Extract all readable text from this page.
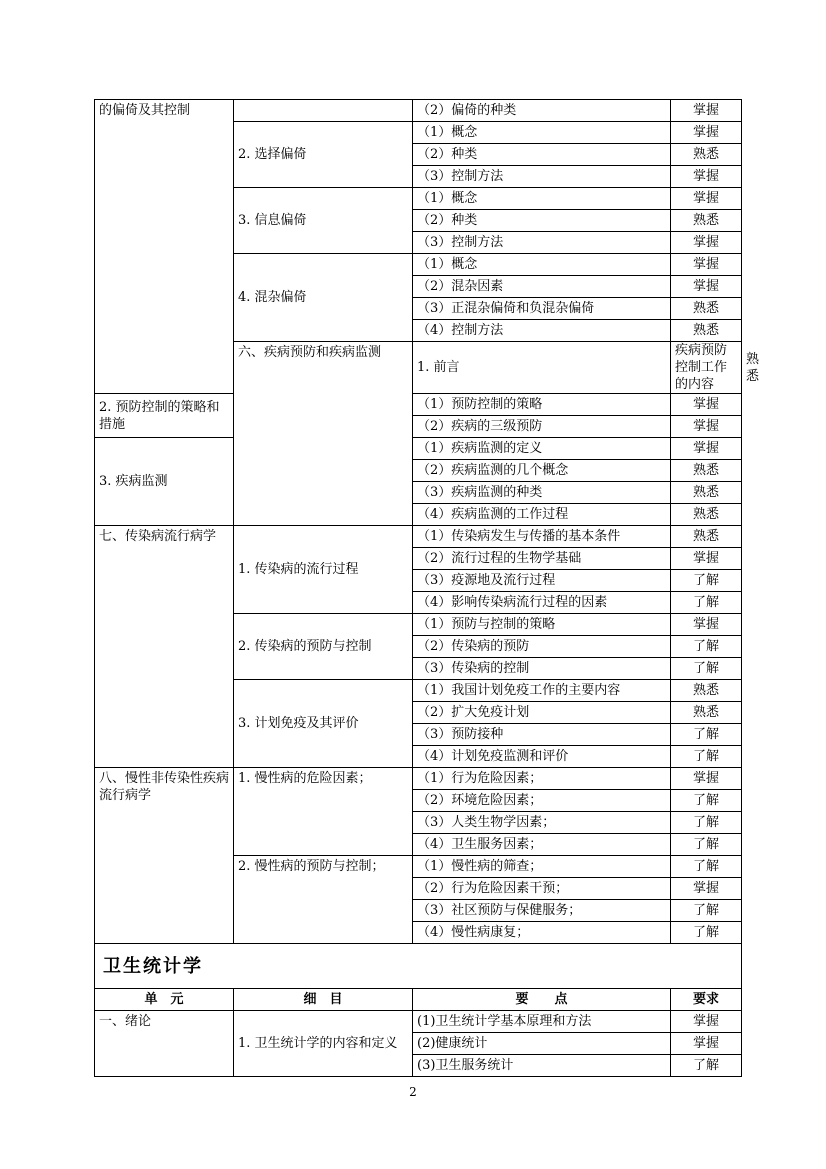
的偏倚及其控制		（2）偏倚的种类	掌握	
	2. 选择偏倚	（1）概念	掌握	
		（2）种类	熟悉	
		（3）控制方法	掌握	
	3. 信息偏倚	（1）概念	掌握	
		（2）种类	熟悉	
		（3）控制方法	掌握	
	4. 混杂偏倚	（1）概念	掌握	
		（2）混杂因素	掌握	
		（3）正混杂偏倚和负混杂偏倚	熟悉	
		（4）控制方法	熟悉	
	六、疾病预防和疾病监测	1. 前言	疾病预防控制工作的内容	熟悉
2. 预防控制的策略和措施		（1）预防控制的策略	掌握	
		（2）疾病的三级预防	掌握	
3. 疾病监测		（1）疾病监测的定义	掌握	
		（2）疾病监测的几个概念	熟悉	
		（3）疾病监测的种类	熟悉	
		（4）疾病监测的工作过程	熟悉	
七、传染病流行病学	1. 传染病的流行过程	（1）传染病发生与传播的基本条件	熟悉	
		（2）流行过程的生物学基础	掌握	
		（3）疫源地及流行过程	了解	
		（4）影响传染病流行过程的因素	了解	
	2. 传染病的预防与控制	（1）预防与控制的策略	掌握	
		（2）传染病的预防	了解	
		（3）传染病的控制	了解	
	3. 计划免疫及其评价	（1）我国计划免疫工作的主要内容	熟悉	
		（2）扩大免疫计划	熟悉	
		（3）预防接种	了解	
		（4）计划免疫监测和评价	了解	
八、慢性非传染性疾病流行病学	1. 慢性病的危险因素；	（1）行为危险因素；	掌握	
		（2）环境危险因素；	了解	
		（3）人类生物学因素；	了解	
		（4）卫生服务因素；	了解	
	2. 慢性病的预防与控制；	（1）慢性病的筛查；	了解	
		（2）行为危险因素干预；	掌握	
		（3）社区预防与保健服务；	了解	
		（4）慢性病康复；	了解	
卫生统计学				
单　元	细　目	要　　点	要求	
一、绪论	1. 卫生统计学的内容和定义	(1)卫生统计学基本原理和方法	掌握	
		(2)健康统计	掌握	
		(3)卫生服务统计	了解	
2
